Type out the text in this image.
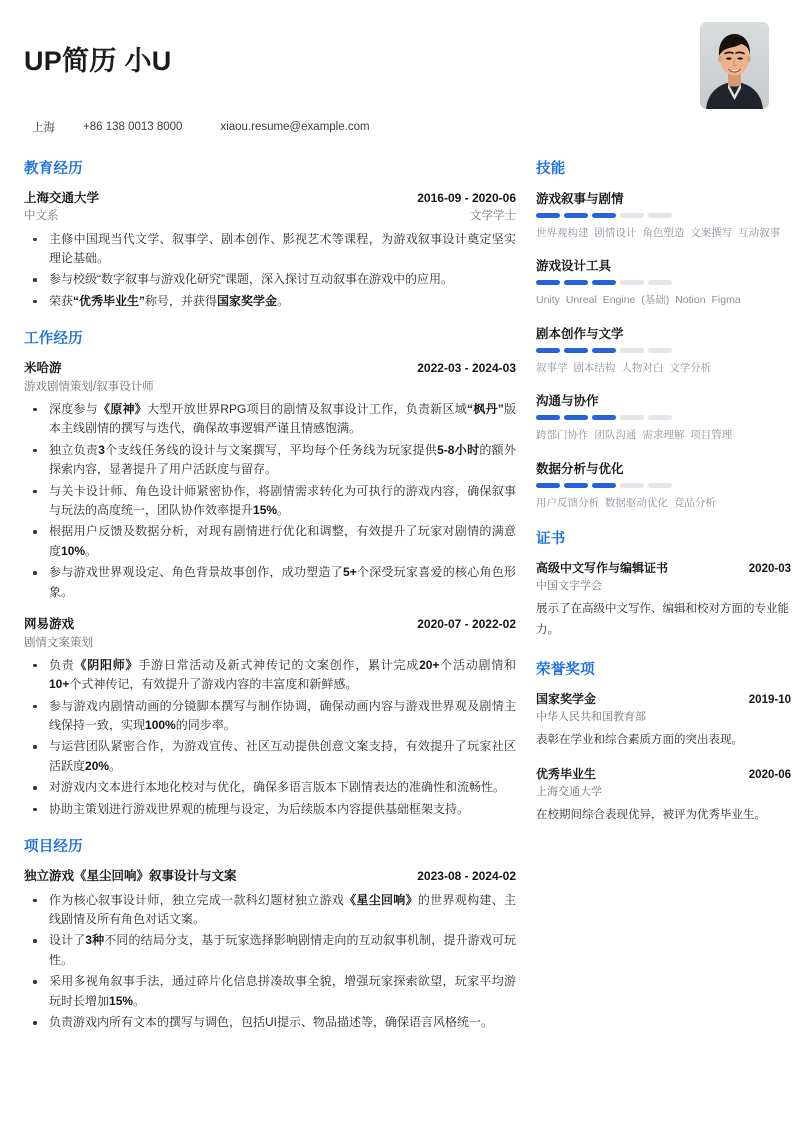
UP简历 小U
上海 +86 138 0013 8000	xiaou.resume@example.com
教育经历
上海交通大学	2016-09 - 2020-06
中文系	文学学士
主修中国现当代文学、叙事学、剧本创作、影视艺术等课程，为游戏叙事设计奠定坚实理论基础。
参与校级“数字叙事与游戏化研究”课题，深入探讨互动叙事在游戏中的应用。
荣获“优秀毕业生”称号，并获得国家奖学金。
工作经历
米哈游	2022-03 - 2024-03
游戏剧情策划/叙事设计师
深度参与《原神》大型开放世界RPG项目的剧情及叙事设计工作，负责新区域“枫丹”版本主线剧情的撰写与迭代，确保故事逻辑严谨且情感饱满。
独立负责3个支线任务线的设计与文案撰写，平均每个任务线为玩家提供5-8小时的额外探索内容，显著提升了用户活跃度与留存。
与关卡设计师、角色设计师紧密协作，将剧情需求转化为可执行的游戏内容，确保叙事与玩法的高度统一，团队协作效率提升15%。
根据用户反馈及数据分析，对现有剧情进行优化和调整，有效提升了玩家对剧情的满意度10%。
参与游戏世界观设定、角色背景故事创作，成功塑造了5+个深受玩家喜爱的核心角色形象。
网易游戏	2020-07 - 2022-02
剧情文案策划
负责《阴阳师》手游日常活动及新式神传记的文案创作，累计完成20+个活动剧情和10+个式神传记，有效提升了游戏内容的丰富度和新鲜感。
参与游戏内剧情动画的分镜脚本撰写与制作协调，确保动画内容与游戏世界观及剧情主线保持一致，实现100%的同步率。
与运营团队紧密合作，为游戏宣传、社区互动提供创意文案支持，有效提升了玩家社区活跃度20%。
对游戏内文本进行本地化校对与优化，确保多语言版本下剧情表达的准确性和流畅性。
协助主策划进行游戏世界观的梳理与设定，为后续版本内容提供基础框架支持。
项目经历
独立游戏《星尘回响》叙事设计与文案	2023-08 - 2024-02
作为核心叙事设计师，独立完成一款科幻题材独立游戏《星尘回响》的世界观构建、主线剧情及所有角色对话文案。
设计了3种不同的结局分支，基于玩家选择影响剧情走向的互动叙事机制，提升游戏可玩性。
采用多视角叙事手法，通过碎片化信息拼凑故事全貌，增强玩家探索欲望，玩家平均游玩时长增加15%。
负责游戏内所有文本的撰写与调色，包括UI提示、物品描述等，确保语言风格统一。
技能
游戏叙事与剧情
世界观构建 剧情设计 角色塑造 文案撰写 互动叙事
游戏设计工具
Unity Unreal Engine (基础) Notion Figma
剧本创作与文学
叙事学 剧本结构 人物对白 文学分析
沟通与协作
跨部门协作 团队沟通 需求理解 项目管理
数据分析与优化
用户反馈分析 数据驱动优化 竞品分析
证书
高级中文写作与编辑证书	2020-03
中国文字学会
展示了在高级中文写作、编辑和校对方面的专业能力。
荣誉奖项
国家奖学金	2019-10
中华人民共和国教育部
表彰在学业和综合素质方面的突出表现。
优秀毕业生	2020-06
上海交通大学
在校期间综合表现优异，被评为优秀毕业生。
